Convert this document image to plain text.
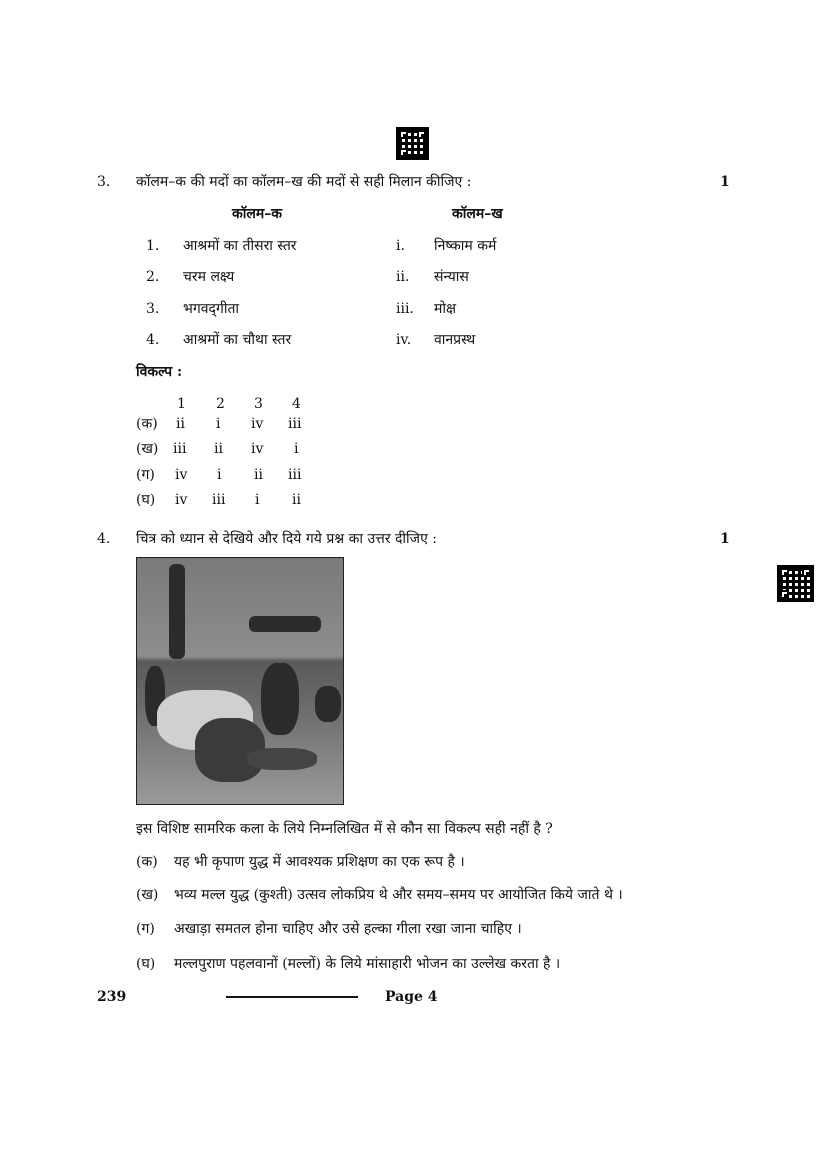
3. कॉलम–क की मदों का कॉलम–ख की मदों से सही मिलान कीजिए :	1
कॉलम–क	कॉलम–ख
1. आश्रमों का तीसरा स्तर	i. निष्काम कर्म
2. चरम लक्ष्य	ii. संन्यास
3. भगवद्‌गीता	iii. मोक्ष
4. आश्रमों का चौथा स्तर	iv. वानप्रस्थ
विकल्प :
1 2 3 4
(क) ii i iv iii
(ख) iii ii iv i
(ग) iv i ii iii
(घ) iv iii i ii
4. चित्र को ध्यान से देखिये और दिये गये प्रश्न का उत्तर दीजिए :	1
इस विशिष्ट सामरिक कला के लिये निम्नलिखित में से कौन सा विकल्प सही नहीं है ?
(क) यह भी कृपाण युद्ध में आवश्यक प्रशिक्षण का एक रूप है ।
(ख) भव्य मल्ल युद्ध (कुश्ती) उत्सव लोकप्रिय थे और समय–समय पर आयोजित किये जाते थे ।
(ग) अखाड़ा समतल होना चाहिए और उसे हल्का गीला रखा जाना चाहिए ।
(घ) मल्लपुराण पहलवानों (मल्लों) के लिये मांसाहारी भोजन का उल्लेख करता है ।
239	Page 4
